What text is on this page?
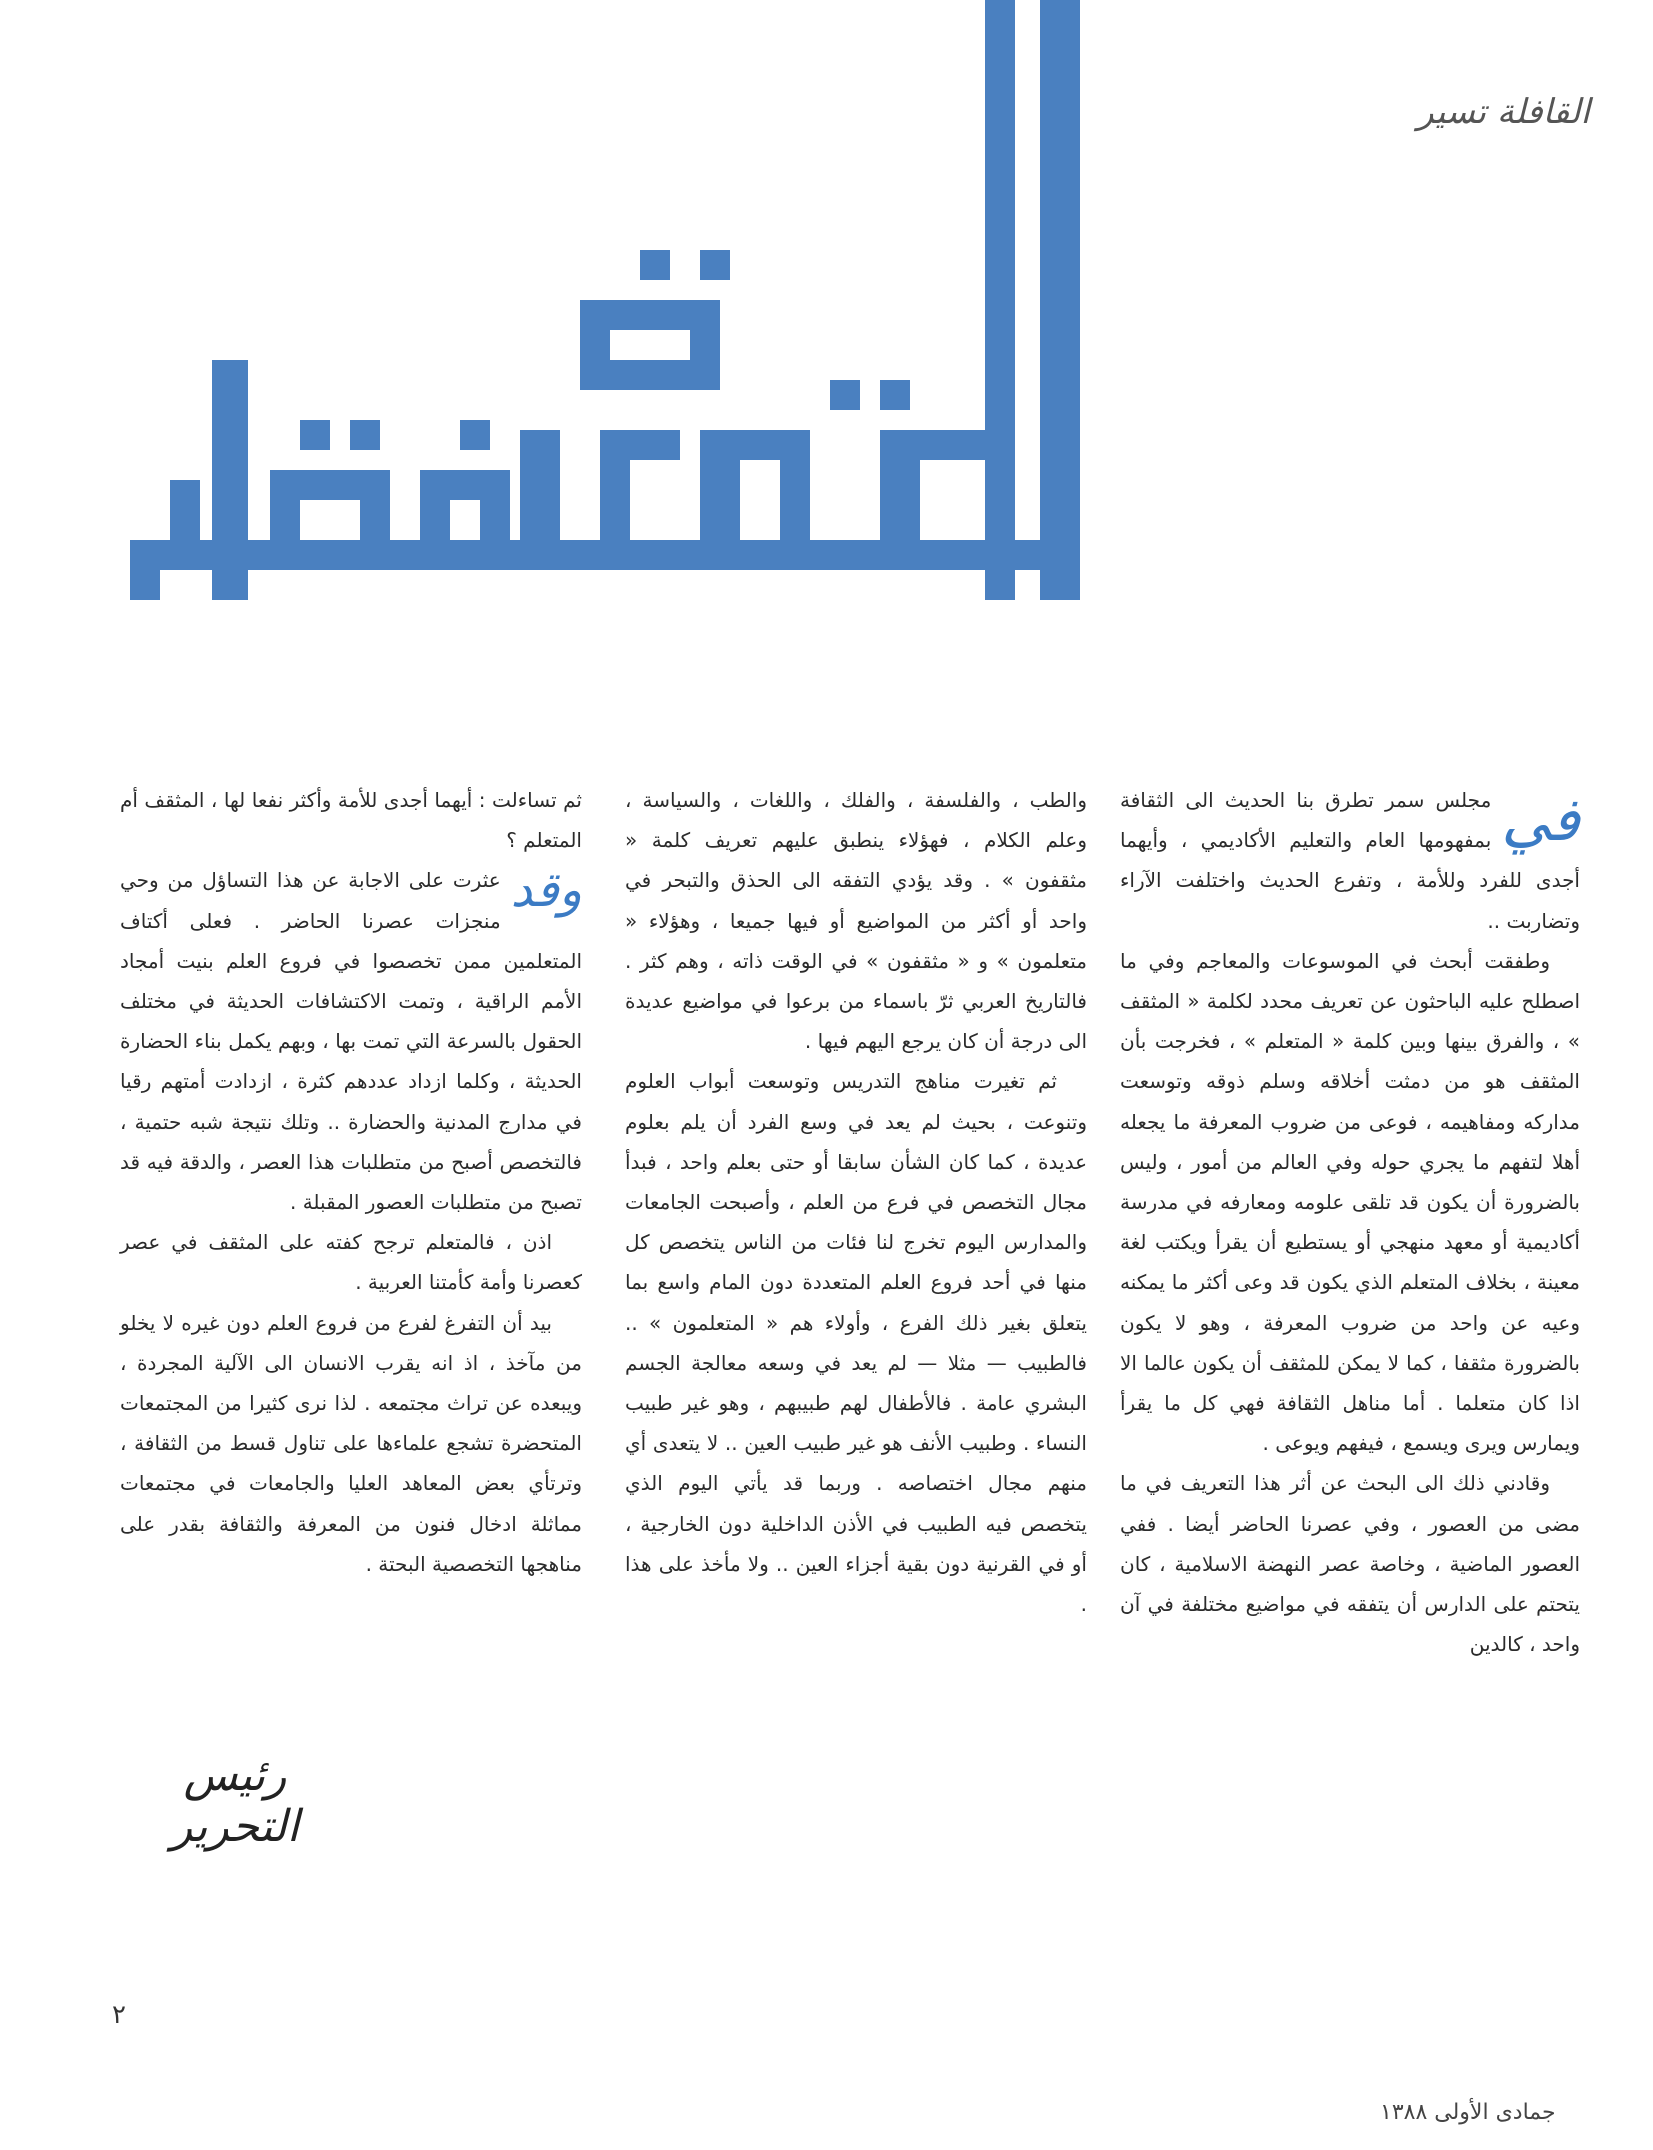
القافلة تسير
في

مجلس سمر تطرق بنا الحديث الى الثقافة بمفهومها العام والتعليم الأكاديمي ، وأيهما أجدى للفرد وللأمة ، وتفرع الحديث واختلفت الآراء وتضاربت ..

وطفقت أبحث في الموسوعات والمعاجم وفي ما اصطلح عليه الباحثون عن تعريف محدد لكلمة « المثقف » ، والفرق بينها وبين كلمة « المتعلم » ، فخرجت بأن المثقف هو من دمثت أخلاقه وسلم ذوقه وتوسعت مداركه ومفاهيمه ، فوعى من ضروب المعرفة ما يجعله أهلا لتفهم ما يجري حوله وفي العالم من أمور ، وليس بالضرورة أن يكون قد تلقى علومه ومعارفه في مدرسة أكاديمية أو معهد منهجي أو يستطيع أن يقرأ ويكتب لغة معينة ، بخلاف المتعلم الذي يكون قد وعى أكثر ما يمكنه وعيه عن واحد من ضروب المعرفة ، وهو لا يكون بالضرورة مثقفا ، كما لا يمكن للمثقف أن يكون عالما الا اذا كان متعلما . أما مناهل الثقافة فهي كل ما يقرأ ويمارس ويرى ويسمع ، فيفهم ويوعى .

وقادني ذلك الى البحث عن أثر هذا التعريف في ما مضى من العصور ، وفي عصرنا الحاضر أيضا . ففي العصور الماضية ، وخاصة عصر النهضة الاسلامية ، كان يتحتم على الدارس أن يتفقه في مواضيع مختلفة في آن واحد ، كالدين

والطب ، والفلسفة ، والفلك ، واللغات ، والسياسة ، وعلم الكلام ، فهؤلاء ينطبق عليهم تعريف كلمة « مثقفون » . وقد يؤدي التفقه الى الحذق والتبحر في واحد أو أكثر من المواضيع أو فيها جميعا ، وهؤلاء « متعلمون » و « مثقفون » في الوقت ذاته ، وهم كثر . فالتاريخ العربي ثرّ باسماء من برعوا في مواضيع عديدة الى درجة أن كان يرجع اليهم فيها .

ثم تغيرت مناهج التدريس وتوسعت أبواب العلوم وتنوعت ، بحيث لم يعد في وسع الفرد أن يلم بعلوم عديدة ، كما كان الشأن سابقا أو حتى بعلم واحد ، فبدأ مجال التخصص في فرع من العلم ، وأصبحت الجامعات والمدارس اليوم تخرج لنا فئات من الناس يتخصص كل منها في أحد فروع العلم المتعددة دون المام واسع بما يتعلق بغير ذلك الفرع ، وأولاء هم « المتعلمون » .. فالطبيب — مثلا — لم يعد في وسعه معالجة الجسم البشري عامة . فالأطفال لهم طبيبهم ، وهو غير طبيب النساء . وطبيب الأنف هو غير طبيب العين .. لا يتعدى أي منهم مجال اختصاصه . وربما قد يأتي اليوم الذي يتخصص فيه الطبيب في الأذن الداخلية دون الخارجية ، أو في القرنية دون بقية أجزاء العين .. ولا مأخذ على هذا .

ثم تساءلت : أيهما أجدى للأمة وأكثر نفعا لها ، المثقف أم المتعلم ؟

وقد

عثرت على الاجابة عن هذا التساؤل من وحي منجزات عصرنا الحاضر . فعلى أكتاف المتعلمين ممن تخصصوا في فروع العلم بنيت أمجاد الأمم الراقية ، وتمت الاكتشافات الحديثة في مختلف الحقول بالسرعة التي تمت بها ، وبهم يكمل بناء الحضارة الحديثة ، وكلما ازداد عددهم كثرة ، ازدادت أمتهم رقيا في مدارج المدنية والحضارة .. وتلك نتيجة شبه حتمية ، فالتخصص أصبح من متطلبات هذا العصر ، والدقة فيه قد تصبح من متطلبات العصور المقبلة .

اذن ، فالمتعلم ترجح كفته على المثقف في عصر كعصرنا وأمة كأمتنا العربية .

بيد أن التفرغ لفرع من فروع العلم دون غيره لا يخلو من مآخذ ، اذ انه يقرب الانسان الى الآلية المجردة ، ويبعده عن تراث مجتمعه . لذا نرى كثيرا من المجتمعات المتحضرة تشجع علماءها على تناول قسط من الثقافة ، وترتأي بعض المعاهد العليا والجامعات في مجتمعات مماثلة ادخال فنون من المعرفة والثقافة بقدر على مناهجها التخصصية البحتة .

رئيس التحرير
٢
جمادى الأولى ١٣٨٨
